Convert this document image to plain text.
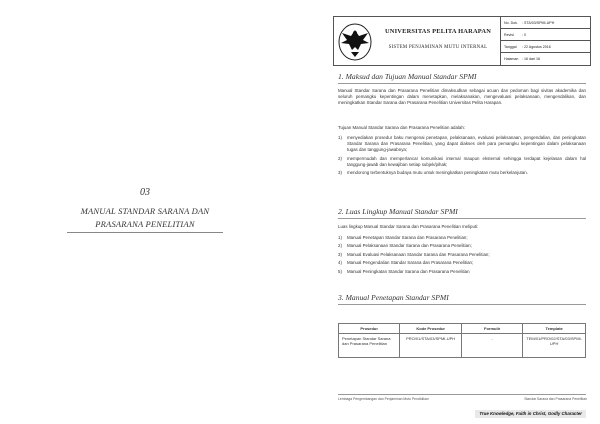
03
MANUAL STANDAR SARANA DAN PRASARANA PENELITIAN
UNIVERSITAS PELITA HARAPAN
SISTEM PENJAMINAN MUTU INTERNAL
No. Dok. : STA/03/SPMI-UPH
Revisi : 0
Tanggal : 22 Agustus 2016
Halaman : 16 dari 16
1. Maksud dan Tujuan Manual Standar SPMI
Manual Standar Sarana dan Prasarana Penelitian dimaksudkan sebagai acuan dan pedoman bagi sivitas akademika dan seluruh pemangku kepentingan dalam menetapkan, melaksanakan, mengevaluasi pelaksanaan, mengendalikan, dan meningkatkan Standar Sarana dan Prasarana Penelitian Universitas Pelita Harapan.
Tujuan Manual Standar Sarana dan Prasarana Penelitian adalah:
1)	menyediakan prosedur baku mengenai penetapan, pelaksanaan, evaluasi pelaksanaan, pengendalian, dan peningkatan Standar Sarana dan Prasarana Penelitian, yang dapat diakses oleh para pemangku kepentingan dalam pelaksanaan tugas dan tanggung-jawabnya;
2)	mempermudah dan memperlancar komunikasi internal maupun eksternal sehingga terdapat kejelasan dalam hal tanggung-jawab dan kewajiban setiap subjek/pihak;
3)	mendorong terbentuknya budaya mutu untuk meningkatkan peningkatan mutu berkelanjutan.
2. Luas Lingkup Manual Standar SPMI
Luas lingkup Manual Standar Sarana dan Prasarana Penelitian meliputi:
1)	Manual Penetapan Standar Sarana dan Prasarana Penelitian;
2)	Manual Pelaksanaan Standar Sarana dan Prasarana Penelitian;
3)	Manual Evaluasi Pelaksanaan Standar Sarana dan Prasarana Penelitian;
4)	Manual Pengendalian Standar Sarana dan Prasarana Penelitian;
5)	Manual Peningkatan Standar Sarana dan Prasarana Penelitian
3. Manual Penetapan Standar SPMI
Prosedur	Kode Prosedur	Formulir	Template
Penetapan Standar Sarana dan Prasarana Penelitian	PRO/01/STA/03/SPMI-UPH	-	TEM/01/PRO/02/STA/03/SPMI-UPH
Lembaga Pengembangan dan Penjaminan Mutu Pendidikan	Standar Sarana dan Prasarana Penelitian
True Knowledge, Faith in Christ, Godly Character
